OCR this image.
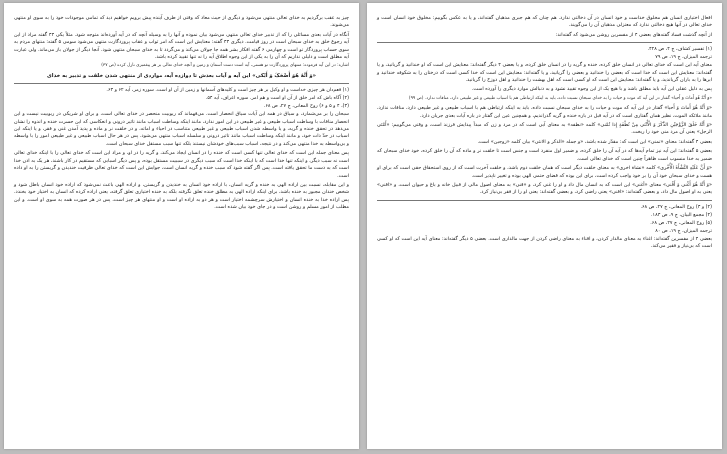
چیز به عقب برگردیم به خدای تعالی منتهی می‌شود و دیگری از حیث معاد که وقتی از طرف آینده پیش برویم خواهیم دید که تمامی موجودات خود را به سوی او منتهی می‌شوند.

آنگاه در آیات بعدی مسائلی را که از تدبیر خدای تعالی منتهی می‌شود بیان نموده و آنها را به وسیله آنچه که در آیه آورده‌اند متوجه شود. مثلاً یکی ۴۳ گفته مراد از این آیه رجوع خلق به خدای سبحان است در روز قیامت. دیگری ۴۳ گفته: معنایش این است که امر ثواب و عقاب پروردگارت منتهی می‌شود سومی ۵ گفته: منتهای مردم به سوی حساب پروردگار تو است و چهارمی ۶ گفته افکار بشر همه جا جولان می‌کند و می‌گردد تا به خدای سبحان منتهی شود. آنجا دیگر از جولان باز می‌ماند. ولی عبارت آیه مطلق است و دلیلی نداریم که آن را به یکی از این وجوه اطلاق آیه را نه تنها تقیید کرده باشد.

اشاره: در این آیه فرموده: منتهای پروردگارت تو هستی، آیه است دست آسمان و زمین و آنچه خدای تعالی بر هر پیغمبری نازل کرده (ص ۳۷)

«وَ أَنَّهُ هُوَ أَضْحَکَ وَ أَبْکی» این آیه و آیات بعدش تا دوازده آیه، مواردی از منتهی شدن خلقت و تدبیر به خدای

(۱) فعم‌دان هر چیزی خداست و او وکیل بر هر چیز است و کلیدهای آسمانها و زمین از آن او است. سوره زمر، آیه ۶۲ و ۶۳.

(۲) آگاه باش که امر خلق از آن او است و هم امر. سوره اعراف، آیه ۵۴.

(۳)، ۴ و ۵ و ۶) روح المعانی، ج ۲۷، ص ۶۸.

سبحان را بر می‌شمارد، و سیاق در همه این آیات سیاق انحصار است. می‌فهماند که ربوبیت منحصر در خدای تعالی است، و برای او شریکی در ربوبیت نیست و این انحصار منافات با وساطت اسباب طبیعی و غیر طبیعی در این امور ندارد، مانند اینکه وساطت اسباب مانند تاثیر درونی و انعکاسی که این حسرت خنده و اندوه را نشان می‌دهد در تحقق خنده و گریه، و یا واسطه شدن اسباب طبیعی و غیر طبیعی متناسب در احیاء و اماته، و در خلقت نر و ماده و پدید آمدن غنی و فقر، و یا اینکه این اسباب در حدّ ذات خود، و مانند اینکه وساطت اسباب مانند تاثیر درونی و سلسله اسباب منتهی می‌شود. پس در هر حال اسباب طبیعی و غیر طبیعی امور را با واسطه و بی‌واسطه به خدا منتهی می‌کند و در نتیجه، اسباب سبب‌های خودشان نیستند بلکه تنها سبب مستقل خدای سبحان است.

پس معنای جمله این است که خدای تعالی تنها کسی است که خنده را در انسان ایجاد می‌کند، و گریه را در او، و مراد این است که خدای تعالی را با اینکه خدای تعالی است نه سبب دیگر، و اینکه تنها خدا است که با اینکه خدا است که سبب دیگری در سببیت مستقل بوده، و پس دیگر اسبابی که مستقیم در کار باشند، هر یک به اذن خدا است که به دست ما تحقق یافته است. پس اگر گفته شود که سبب خنده و گریه انسان است، جوابش این است که خدای تعالی ظرفیت خندیدن و گریستن را به او داده است.

و این مقابله، نسبت بین اراده الهی به خنده و گریه انسان، با اراده خود انسان به خندیدن و گریستن، و اراده الهی باعث نمی‌شود که اراده خود انسان باطل شود و شخص خندان مجبور به خنده باشد، برای اینکه اراده الهی به مطلق خنده تعلق نگرفته بلکه به خنده اختیاری تعلق گرفته، یعنی اراده کرده که انسان به اختیار خود بخندد. پس اراده خدا به خنده انسان و اختیارش سرچشمه اختیار است و هر دو به اراده او است و او منتهای هر چیز است، پس در هر صورت همه به سوی او است. و این مطلب از امور مسلم و روشن است و در جای خود بیان شده است.

افعال اختیاری انسان هم مخلوق خداست و خود انسان در آن دخالتی ندارد. هم چنان که هم جبری مذهبان گفته‌اند، و یا به عکس بگوییم: مخلوق خود انسان است و خدای تعالی در آنها هیچ دخالتی ندارد که معتزلی مذهبان آن را می‌گویند.

از آنچه گذشت فساد گفته‌های بعضی ۴ از مفسرین روشن می‌شود که گفته‌اند:

(۱) تفسیر کشاف، ج ۴، ص ۴۲۸.

ترجمه المیزان، ج ۱۹، ص ۷۹

معنای آیه این است که خدای تعالی در انسان خلق کرده، خنده و گریه را در انسان خلق کرده، و یا بعضی ۴ دیگر گفته‌اند: معنایش این است که او خندانید و گریانید، و یا گفته‌اند: معنایش این است که خدا است که بعضی را خندانید و بعضی را گریانید، و یا گفته‌اند: معنایش این است که خدا کسی است که درختان را به شکوفه خندانید و ابرها را به باران گریاندید، و یا گفته‌اند: معنایش این است که او کسی است که اهل بهشت را خندانید و اهل دوزخ را گریانید.

پس به دلیل عقلی این آیه باید مطلق باشد و با هیچ یک از این وجوه تقیید نشود و به دنبالش موارد دیگری را آورده است.

«وَ أَنَّهُ هُوَ أَماتَ وَ أَحیا» گفتار در این آیه که موت و حیات را به خدای سبحان نسبت داده، باید به اینکه ارتباطی هم با اسباب طبیعی و غیر طبیعی دارد، منافات ندارد. (ص ۹۹)

«وَ أَنَّهُ هُوَ أَماتَ وَ أَحیا» گفتار در این آیه که موت و حیات را به خدای سبحان نسبت داده، باید به اینکه ارتباطی هم با اسباب طبیعی و غیر طبیعی دارد، منافات ندارد، مانند ملائکه الموت، نظیر همان گفتاری است که در آیه قبل در باره خنده و گریه گذراندیم، و همچنین عین این گفتار در باره آیات بعدی جریان دارد.

«وَ أَنَّهُ خَلَقَ الزَّوْجَیْنِ الذَّکَرَ وَ الْأُنْثی مِنْ نُطْفَةٍ إِذا تُمْنی» کلمه «نطفه» به معنای آبی است که در مرد و زن که مبدأ پیدایش فرزند است، و وقتی می‌گوییم: «أَمْنَى الرجل» یعنی آن مرد منی خود را ریخت.

بعضی ۴ گفته‌اند: معنای «تمنی» این است که: مقدّر شده باشد، «و جمله «الذکر و الانثی» بیان کلمه «زوجین» است.

بعضی ۵ گفته‌اند: این آیه نیز تمام آیه‌ها که در آیه آن را خلق کرده، و ضمیر اول منفرد است و جنس است تا خلقت نر و ماده که آن را خلق کرده، خود خدای سبحان که ضمیر به خدا منسوب است ظاهراً چنین است که خدای تعالی است.

«وَ أَنَّ عَلَیْهِ النَّشْأَةَ الْأُخْری» کلمه «نشاة اخری» به معنای خلقت دیگر است که همان خلقت دوم باشد، و خلقت آخرت است که از روی استحقاق حقی است که برای او هست و خدای سبحان خود آن را بر خود واجب کرده است، برای این بوده که قضای حتمی الهی بوده و تغییر ناپذیر است.

«وَ أَنَّهُ هُوَ أَغْنی وَ أَقْنی» معنای «أغنی» این است که به انسان مال داد و او را غنی کرد، و «قنی» به معنای اصول مالی از قبیل خانه و باغ و حیوان است، و «اقنی» یعنی به او اصول مال داد، و بعضی گفته‌اند: «اقنی» یعنی راضی کرد، و بعضی گفته‌اند: یعنی او را از فقر بی‌نیاز کرد.

(۲) و ۳) روح المعانی، ج ۲۷، ص ۶۸.

(۴) مجمع البیان، ج ۹، ص ۱۸۳.

(۵) روح المعانی، ج ۲۷، ص ۶۸.

ترجمه المیزان، ج ۱۹، ص ۸۰

بعضی ۴ از مفسرین گفته‌اند: اغناء به معنای مالدار کردن، و اقناء به معنای راضی کردن از جهت مالداری است. بعضی ۵ دیگر گفته‌اند: معنای آیه این است که او کسی است که بی‌نیاز و فقیر می‌کند.
